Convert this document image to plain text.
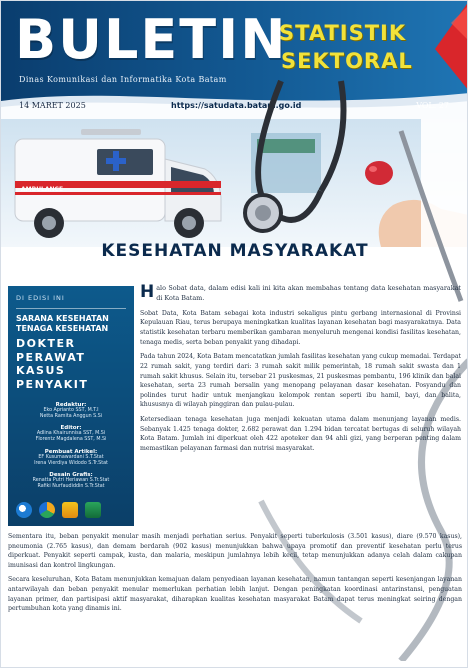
BULETIN
STATISTIK
SEKTORAL
Dinas Komunikasi dan Informatika Kota Batam
14 MARET 2025	https://satudata.batam.go.id	VOL. 27
AMBULANCE
KESEHATAN MASYARAKAT
DI EDISI INI
SARANA KESEHATAN TENAGA KESEHATAN
DOKTER
PERAWAT
KASUS PENYAKIT
Redaktur:
Eko Aprianto SST, M.T.I
Netta Ramita Anggun S.Si
Editor:
Adlina Khairunnisa SST, M.Si
Florentz Magdalena SST, M.Si
Pembuat Artikel:
EF Kusumawardani S.T.Stat
Irena Vierdiya Widodo S.Tr.Stat
Desain Grafis:
Renatta Putri Heriawan S.Tr.Stat
Rafiki Nurfaudiddin S.Tr.Stat

Halo Sobat data, dalam edisi kali ini kita akan membahas tentang data kesehatan masyarakat di Kota Batam.

Sobat Data, Kota Batam sebagai kota industri sekaligus pintu gerbang internasional di Provinsi Kepulauan Riau, terus berupaya meningkatkan kualitas layanan kesehatan bagi masyarakatnya. Data statistik kesehatan terbaru memberikan gambaran menyeluruh mengenai kondisi fasilitas kesehatan, tenaga medis, serta beban penyakit yang dihadapi.

Pada tahun 2024, Kota Batam mencatatkan jumlah fasilitas kesehatan yang cukup memadai. Terdapat 22 rumah sakit, yang terdiri dari: 3 rumah sakit milik pemerintah, 18 rumah sakit swasta dan 1 rumah sakit khusus. Selain itu, tersebar 21 puskesmas, 21 puskesmas pembantu, 196 klinik dan balai kesehatan, serta 23 rumah bersalin yang menopang pelayanan dasar kesehatan. Posyandu dan polindes turut hadir untuk menjangkau kelompok rentan seperti ibu hamil, bayi, dan balita, khususnya di wilayah pinggiran dan pulau-pulau.

Ketersediaan tenaga kesehatan juga menjadi kekuatan utama dalam menunjang layanan medis. Sebanyak 1.425 tenaga dokter, 2.682 perawat dan 1.294 bidan tercatat bertugas di seluruh wilayah Kota Batam. Jumlah ini diperkuat oleh 422 apoteker dan 94 ahli gizi, yang berperan penting dalam memastikan pelayanan farmasi dan nutrisi masyarakat.

Sementara itu, beban penyakit menular masih menjadi perhatian serius. Penyakit seperti tuberkulosis (3.501 kasus), diare (9.570 kasus), pneumonia (2.765 kasus), dan demam berdarah (902 kasus) menunjukkan bahwa upaya promotif dan preventif kesehatan perlu terus diperkuat. Penyakit seperti campak, kusta, dan malaria, meskipun jumlahnya lebih kecil, tetap menunjukkan adanya celah dalam cakupan imunisasi dan kontrol lingkungan.

Secara keseluruhan, Kota Batam menunjukkan kemajuan dalam penyediaan layanan kesehatan, namun tantangan seperti kesenjangan layanan antarwilayah dan beban penyakit menular memerlukan perhatian lebih lanjut. Dengan peningkatan koordinasi antarinstansi, penguatan layanan primer, dan partisipasi aktif masyarakat, diharapkan kualitas kesehatan masyarakat Batam dapat terus meningkat seiring dengan pertumbuhan kota yang dinamis ini.
